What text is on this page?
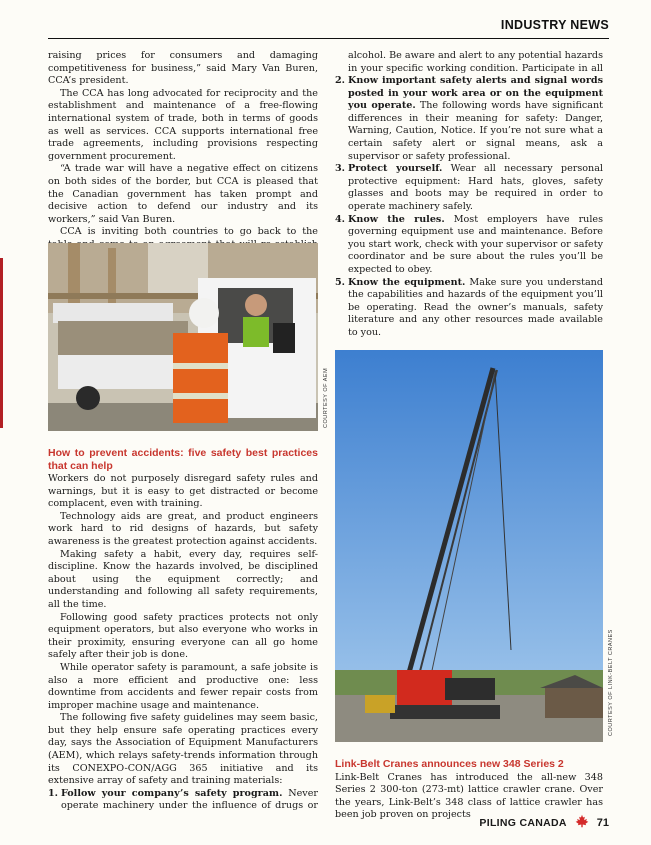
INDUSTRY NEWS

raising prices for consumers and damaging competitiveness for business,” said Mary Van Buren, CCA’s president.

The CCA has long advocated for reciprocity and the establishment and maintenance of a free-flowing international system of trade, both in terms of goods as well as services. CCA supports international free trade agreements, including provisions respecting government procurement.

“A trade war will have a negative effect on citizens on both sides of the border, but CCA is pleased that the Canadian government has taken prompt and decisive action to defend our industry and its workers,” said Van Buren.

CCA is inviting both countries to go back to the

COURTESY OF AEM
How to prevent accidents: five safety best practices that can help

Workers do not purposely disregard safety rules and warnings, but it is easy to get distracted or become complacent, even with training.

Technology aids are great, and product engineers work hard to rid designs of hazards, but safety awareness is the greatest protection against accidents.

Making safety a habit, every day, requires self-discipline. Know the hazards involved, be disciplined about using the equipment correctly; and understanding and following all safety requirements, all the time.

Following good safety practices protects not only equipment operators, but also everyone who works in their proximity, ensuring everyone can all go home safely after their job is done.

While operator safety is paramount, a safe jobsite is also a more efficient and productive one: less downtime from accidents and fewer repair costs from improper machine usage and maintenance.

The following five safety guidelines may seem basic, but they help ensure safe operating practices every day, says the Association of Equipment Manufacturers (AEM), which relays safety-trends information through its CONEXPO-CON/AGG 365 initiative and its extensive array of safety and training materials:

1. Follow your company’s safety program. Never operate machinery under the influence of drugs or
alcohol. Be aware and alert to any potential hazards in your specific working condition. Participate in all
2. Know important safety alerts and signal words posted in your work area or on the equipment you operate. The following words have significant differences in their meaning for safety: Danger, Warning, Caution, Notice. If you’re not sure what a certain safety alert or signal means, ask a supervisor or safety professional.
3. Protect yourself. Wear all necessary personal protective equipment: Hard hats, gloves, safety glasses and boots may be required in order to operate machinery safely.
4. Know the rules. Most employers have rules governing equipment use and maintenance. Before you start work, check with your supervisor or safety coordinator and be sure about the rules you’ll be expected to obey.
5. Know the equipment. Make sure you understand the capabilities and hazards of the equipment you’ll be operating. Read the owner’s manuals, safety literature and any other resources made available to you.

COURTESY OF LINK-BELT CRANES
Link-Belt Cranes announces new 348 Series 2

Link-Belt Cranes has introduced the all-new 348 Series 2 300-ton (273-mt) lattice crawler crane. Over the years, Link-Belt’s 348 class of lattice crawler has been job proven on projects

PILING CANADA	71
